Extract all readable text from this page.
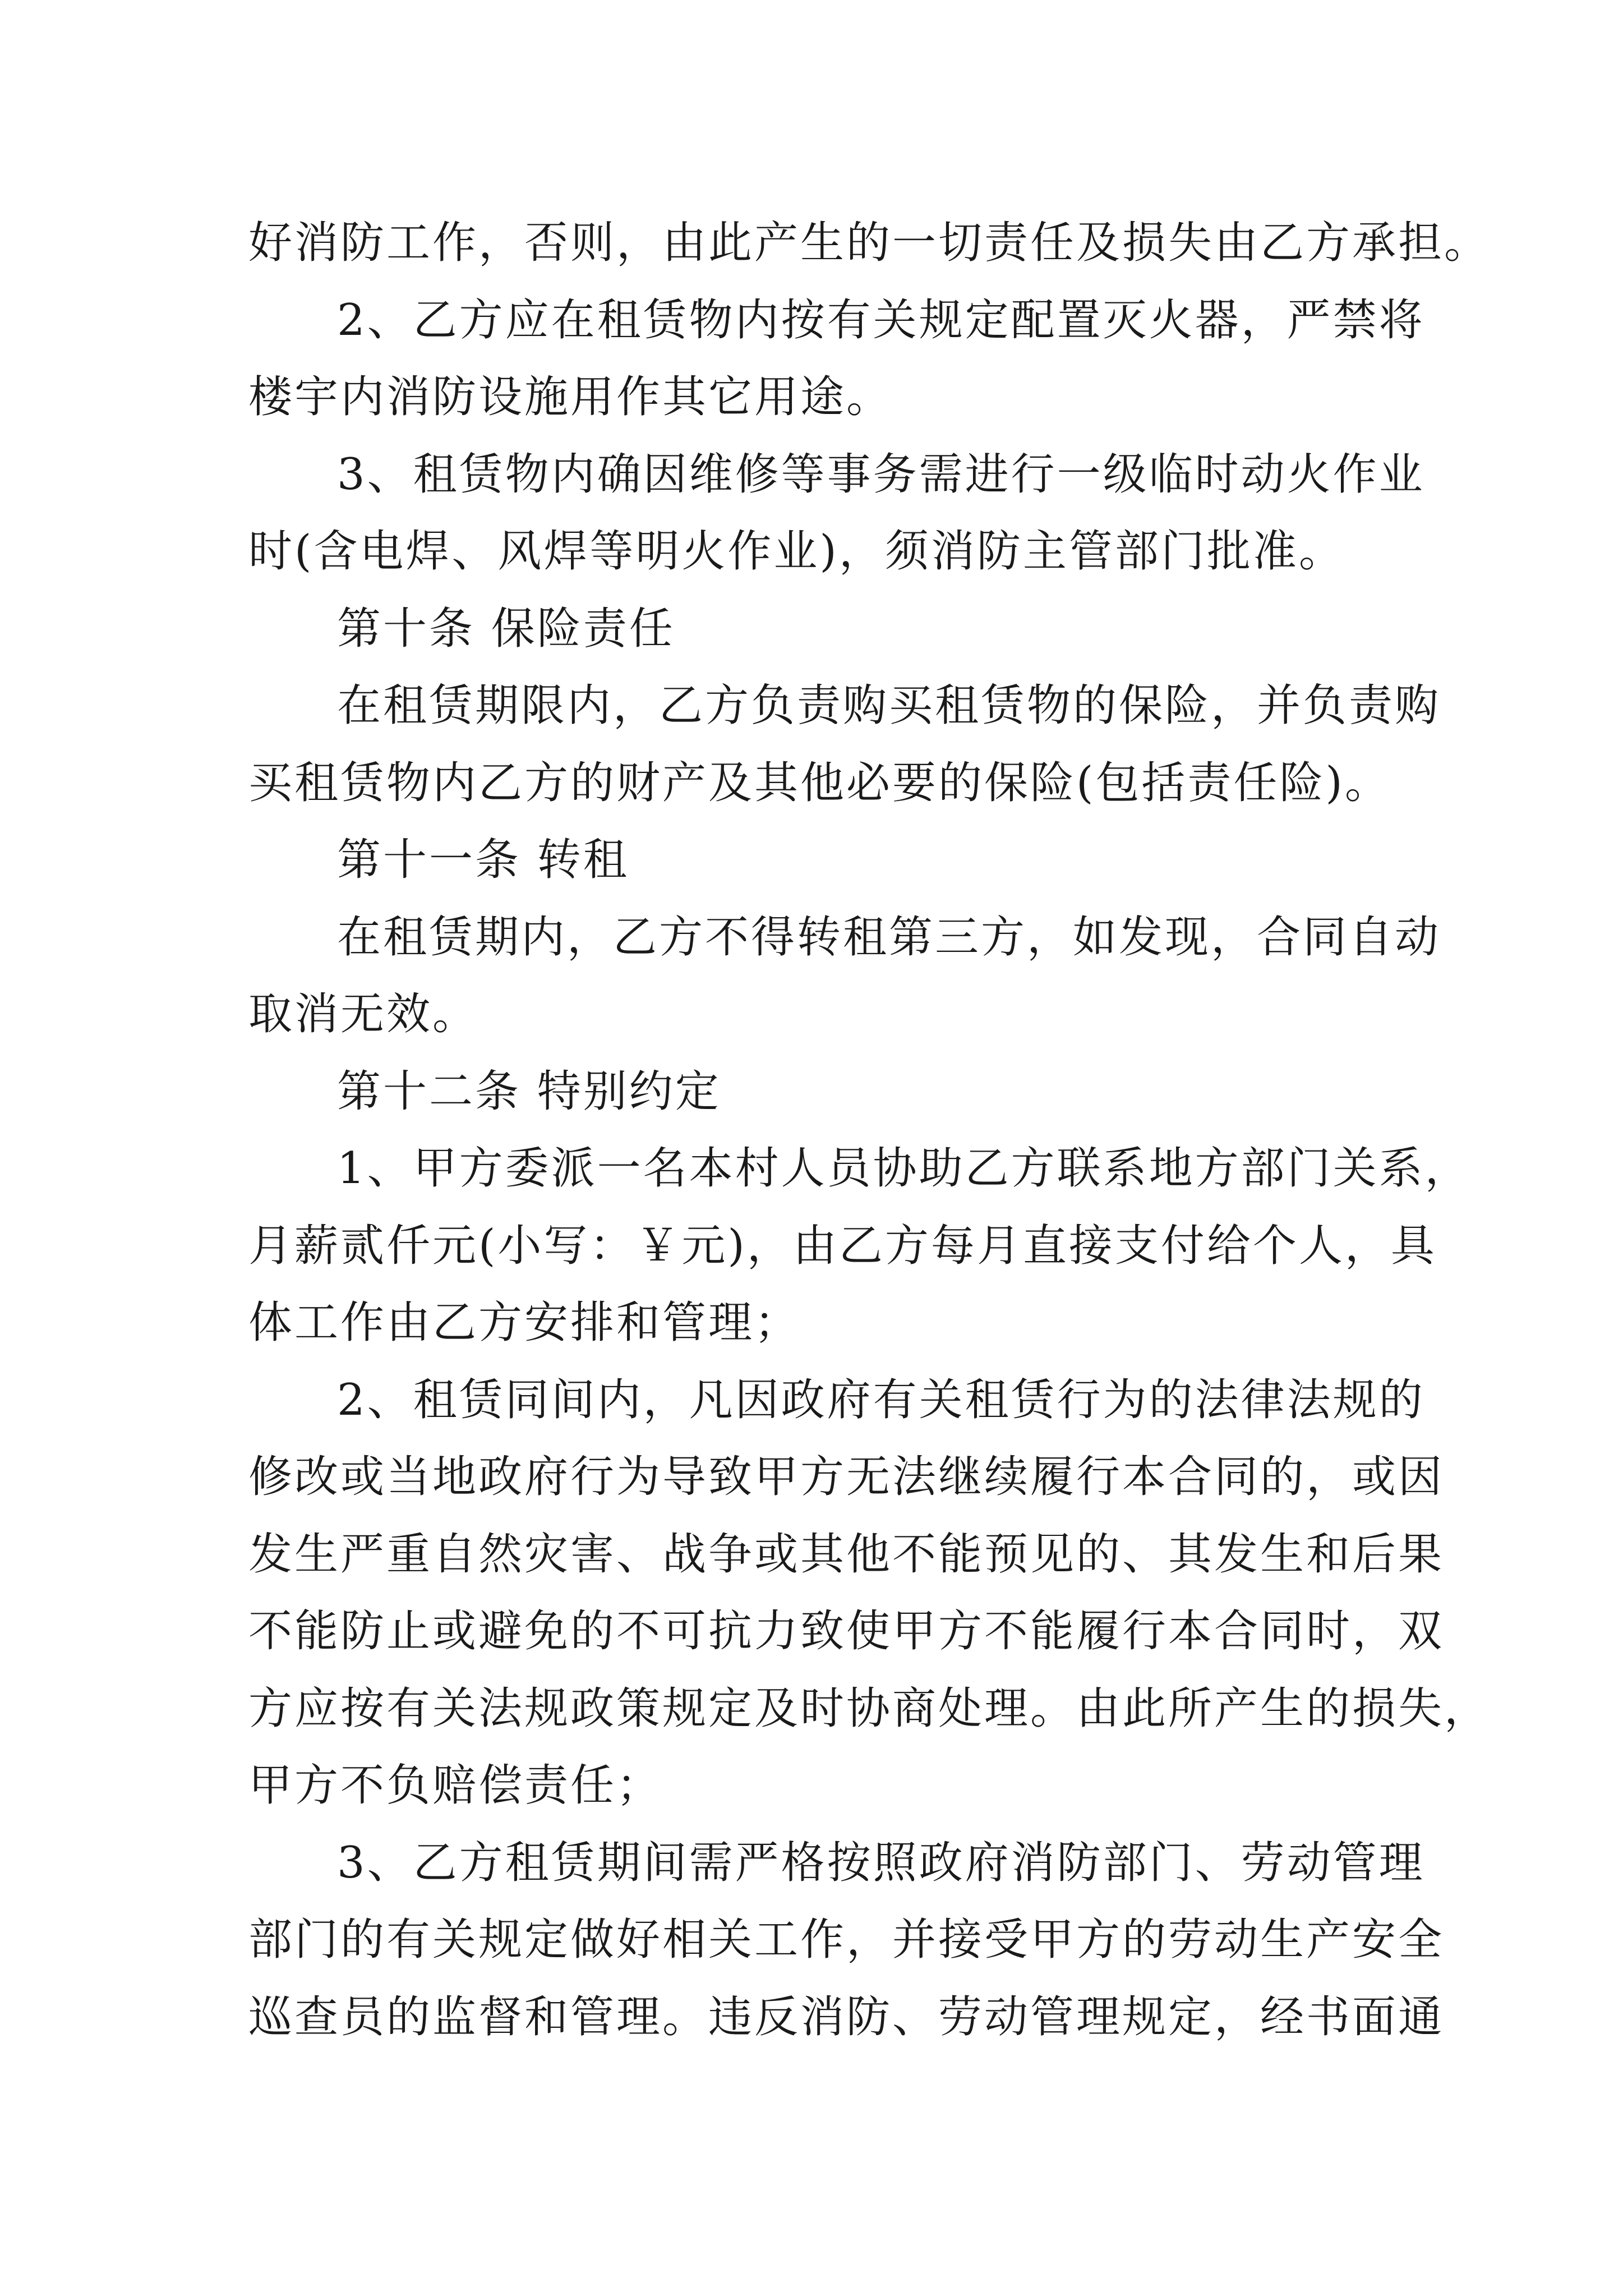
好消防工作，否则，由此产生的一切责任及损失由乙方承担。
2、乙方应在租赁物内按有关规定配置灭火器，严禁将
楼宇内消防设施用作其它用途。
3、租赁物内确因维修等事务需进行一级临时动火作业
时(含电焊、风焊等明火作业)，须消防主管部门批准。
第十条 保险责任
在租赁期限内，乙方负责购买租赁物的保险，并负责购
买租赁物内乙方的财产及其他必要的保险(包括责任险)。
第十一条 转租
在租赁期内，乙方不得转租第三方，如发现，合同自动
取消无效。
第十二条 特别约定
1、甲方委派一名本村人员协助乙方联系地方部门关系，
月薪贰仟元(小写：￥元)，由乙方每月直接支付给个人，具
体工作由乙方安排和管理；
2、租赁同间内，凡因政府有关租赁行为的法律法规的
修改或当地政府行为导致甲方无法继续履行本合同的，或因
发生严重自然灾害、战争或其他不能预见的、其发生和后果
不能防止或避免的不可抗力致使甲方不能履行本合同时，双
方应按有关法规政策规定及时协商处理。由此所产生的损失，
甲方不负赔偿责任；
3、乙方租赁期间需严格按照政府消防部门、劳动管理
部门的有关规定做好相关工作，并接受甲方的劳动生产安全
巡查员的监督和管理。违反消防、劳动管理规定，经书面通
